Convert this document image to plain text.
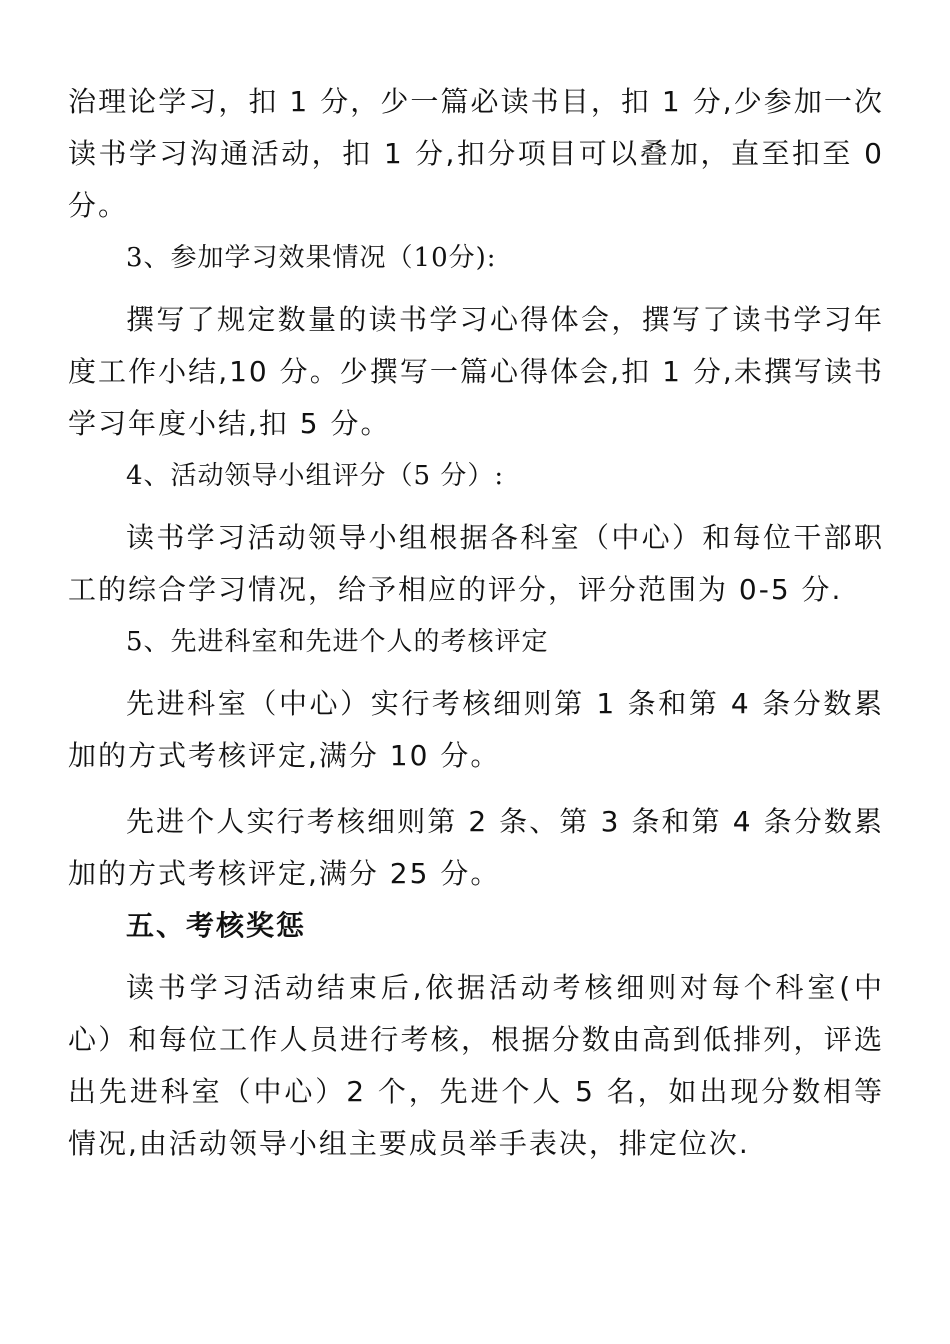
治理论学习，扣 1 分，少一篇必读书目，扣 1 分,少参加一次读书学习沟通活动，扣 1 分,扣分项目可以叠加，直至扣至 0 分。

3、参加学习效果情况（10分):

撰写了规定数量的读书学习心得体会，撰写了读书学习年度工作小结,10 分。少撰写一篇心得体会,扣 1 分,未撰写读书学习年度小结,扣 5 分。

4、活动领导小组评分（5 分）:

读书学习活动领导小组根据各科室（中心）和每位干部职工的综合学习情况，给予相应的评分，评分范围为 0-5 分.

5、先进科室和先进个人的考核评定

先进科室（中心）实行考核细则第 1 条和第 4 条分数累加的方式考核评定,满分 10 分。

先进个人实行考核细则第 2 条、第 3 条和第 4 条分数累加的方式考核评定,满分 25 分。

五、考核奖惩

读书学习活动结束后,依据活动考核细则对每个科室(中心）和每位工作人员进行考核，根据分数由高到低排列，评选出先进科室（中心）2 个，先进个人 5 名，如出现分数相等情况,由活动领导小组主要成员举手表决，排定位次.
